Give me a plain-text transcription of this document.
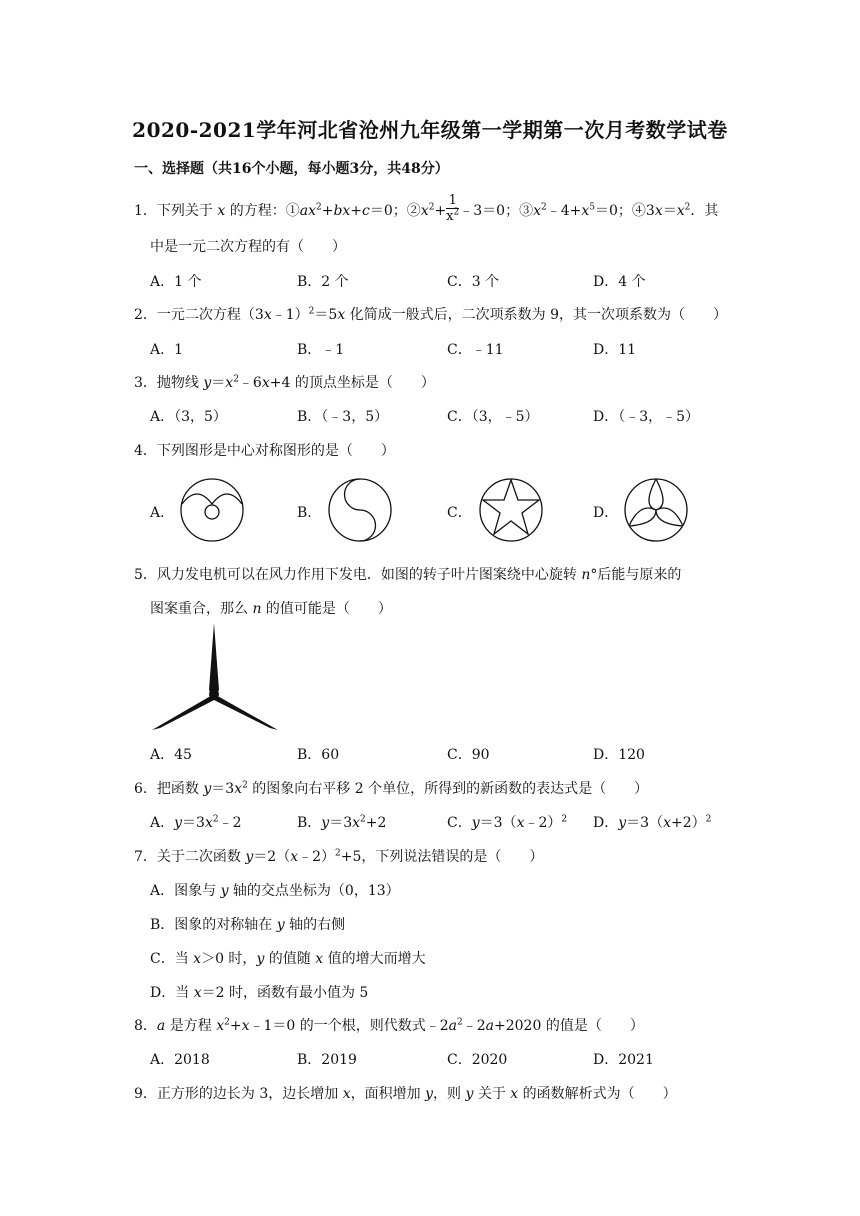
2020-2021学年河北省沧州九年级第一学期第一次月考数学试卷
一、选择题（共16个小题，每小题3分，共48分）
1．下列关于 x 的方程：$①ax^2+bx+c=0$；$②x^2+ \frac{1}{x^2}$ ﹣3＝0；$③x^2﹣4+x^5=0$；$④3x=x^2$．其
中是一元二次方程的有（　　）
A．1 个	B．2 个	C．3 个	D．4 个
2．一元二次方程（3x﹣1）$^2$＝5x 化简成一般式后，二次项系数为 9，其一次项系数为（　　）
A．1	B．﹣1	C．﹣11	D．11
3．抛物线 $y=x^2﹣6x+4$ 的顶点坐标是（　　）
A．（3，5）	B．（﹣3，5）	C．（3，﹣5）	D．（﹣3，﹣5）
4．下列图形是中心对称图形的是（　　）
A．	B．	C．	D．
5．风力发电机可以在风力作用下发电．如图的转子叶片图案绕中心旋转 n°后能与原来的
图案重合，那么 n 的值可能是（　　）
A．45	B．60	C．90	D．120
6．把函数 $y=3x^2$ 的图象向右平移 2 个单位，所得到的新函数的表达式是（　　）
A．$y=3x^2﹣2$	B．$y=3x^2+2$	C．y＝3（x﹣2）$^2$ D．$y=3(x+2)^2$
7．关于二次函数 y＝2（x﹣2）$^2$+5，下列说法错误的是（　　）
A．图象与 y 轴的交点坐标为（0，13）
B．图象的对称轴在 y 轴的右侧
C．当 x＞0 时，y 的值随 x 值的增大而增大
D．当 x＝2 时，函数有最小值为 5
8．a 是方程 $x^2+x﹣1=0$ 的一个根，则代数式$﹣2a^2﹣2a+2020$ 的值是（　　）
A．2018	B．2019	C．2020	D．2021
9．正方形的边长为 3，边长增加 x，面积增加 y，则 y 关于 x 的函数解析式为（　　）
